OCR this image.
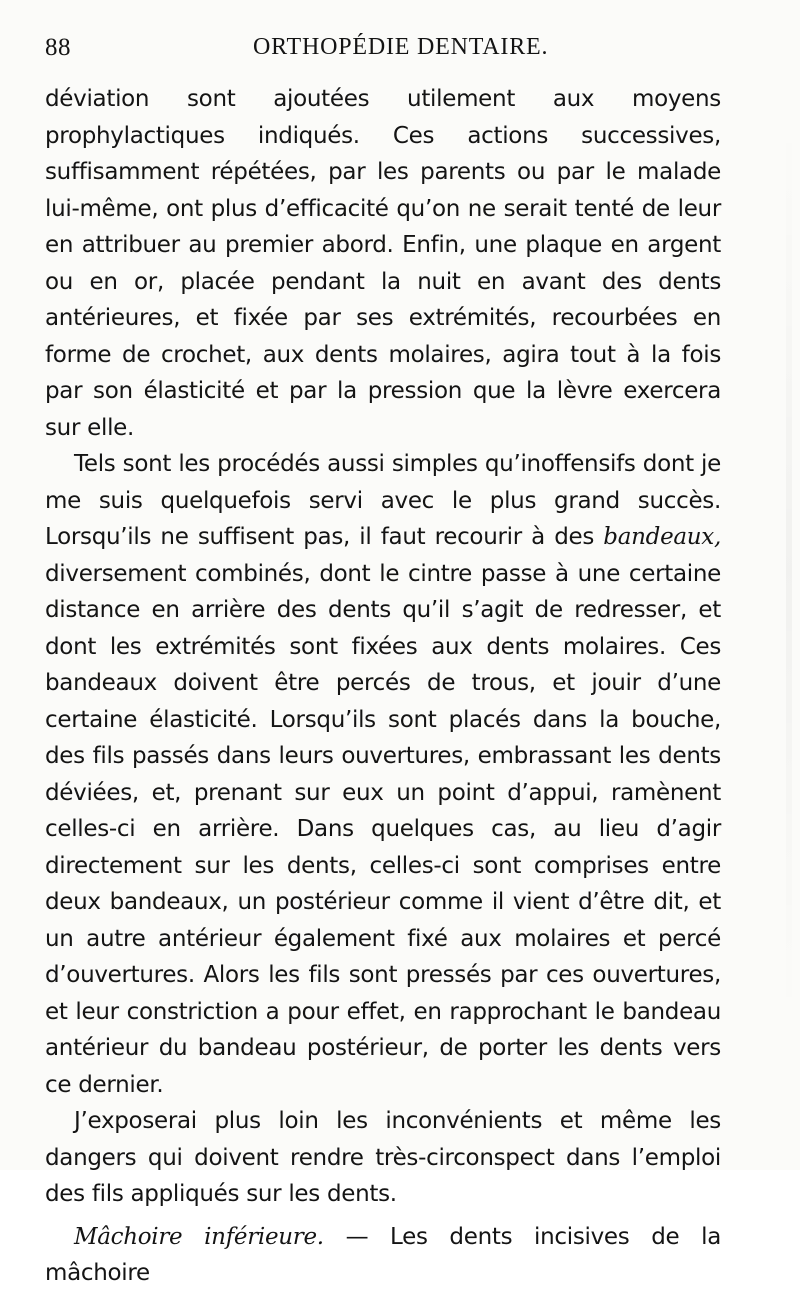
88	ORTHOPÉDIE DENTAIRE.

déviation sont ajoutées utilement aux moyens prophylactiques indiqués. Ces actions successives, suffisamment répétées, par les parents ou par le malade lui-même, ont plus d’efficacité qu’on ne serait tenté de leur en attribuer au premier abord. Enfin, une plaque en argent ou en or, placée pendant la nuit en avant des dents antérieures, et fixée par ses extrémités, recourbées en forme de crochet, aux dents molaires, agira tout à la fois par son élasticité et par la pression que la lèvre exercera sur elle.

Tels sont les procédés aussi simples qu’inoffensifs dont je me suis quelquefois servi avec le plus grand succès. Lorsqu’ils ne suffisent pas, il faut recourir à des bandeaux, diversement combinés, dont le cintre passe à une certaine distance en arrière des dents qu’il s’agit de redresser, et dont les extrémités sont fixées aux dents molaires. Ces bandeaux doivent être percés de trous, et jouir d’une certaine élasticité. Lorsqu’ils sont placés dans la bouche, des fils passés dans leurs ouvertures, embrassant les dents déviées, et, prenant sur eux un point d’appui, ramènent celles-ci en arrière. Dans quelques cas, au lieu d’agir directement sur les dents, celles-ci sont comprises entre deux bandeaux, un postérieur comme il vient d’être dit, et un autre antérieur également fixé aux molaires et percé d’ouvertures. Alors les fils sont pressés par ces ouvertures, et leur constriction a pour effet, en rapprochant le bandeau antérieur du bandeau postérieur, de porter les dents vers ce dernier.

J’exposerai plus loin les inconvénients et même les dangers qui doivent rendre très-circonspect dans l’emploi des fils appliqués sur les dents.

Mâchoire inférieure. — Les dents incisives de la mâchoire
